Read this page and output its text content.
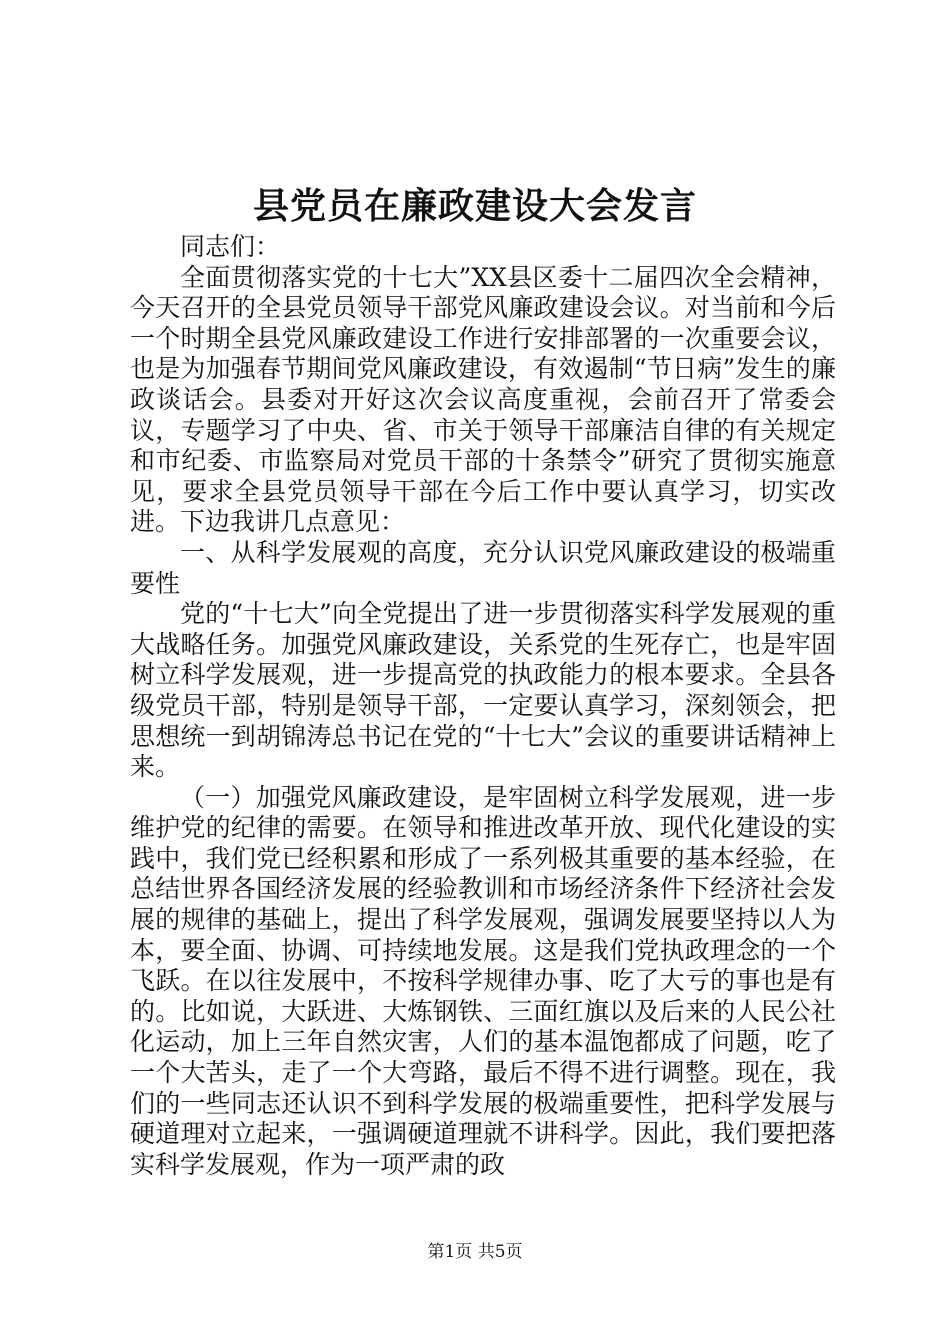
县党员在廉政建设大会发言

同志们：

全面贯彻落实党的十七大”XX县区委十二届四次全会精神，今天召开的全县党员领导干部党风廉政建设会议。对当前和今后一个时期全县党风廉政建设工作进行安排部署的一次重要会议，也是为加强春节期间党风廉政建设，有效遏制“节日病”发生的廉政谈话会。县委对开好这次会议高度重视，会前召开了常委会议，专题学习了中央、省、市关于领导干部廉洁自律的有关规定和市纪委、市监察局对党员干部的十条禁令”研究了贯彻实施意见，要求全县党员领导干部在今后工作中要认真学习，切实改进。下边我讲几点意见：

一、从科学发展观的高度，充分认识党风廉政建设的极端重要性

党的“十七大”向全党提出了进一步贯彻落实科学发展观的重大战略任务。加强党风廉政建设，关系党的生死存亡，也是牢固树立科学发展观，进一步提高党的执政能力的根本要求。全县各级党员干部，特别是领导干部，一定要认真学习，深刻领会，把思想统一到胡锦涛总书记在党的“十七大”会议的重要讲话精神上来。

（一）加强党风廉政建设，是牢固树立科学发展观，进一步维护党的纪律的需要。在领导和推进改革开放、现代化建设的实践中，我们党已经积累和形成了一系列极其重要的基本经验，在总结世界各国经济发展的经验教训和市场经济条件下经济社会发展的规律的基础上，提出了科学发展观，强调发展要坚持以人为本，要全面、协调、可持续地发展。这是我们党执政理念的一个飞跃。在以往发展中，不按科学规律办事、吃了大亏的事也是有的。比如说，大跃进、大炼钢铁、三面红旗以及后来的人民公社化运动，加上三年自然灾害，人们的基本温饱都成了问题，吃了一个大苦头，走了一个大弯路，最后不得不进行调整。现在，我们的一些同志还认识不到科学发展的极端重要性，把科学发展与硬道理对立起来，一强调硬道理就不讲科学。因此，我们要把落实科学发展观，作为一项严肃的政

第1页 共5页
